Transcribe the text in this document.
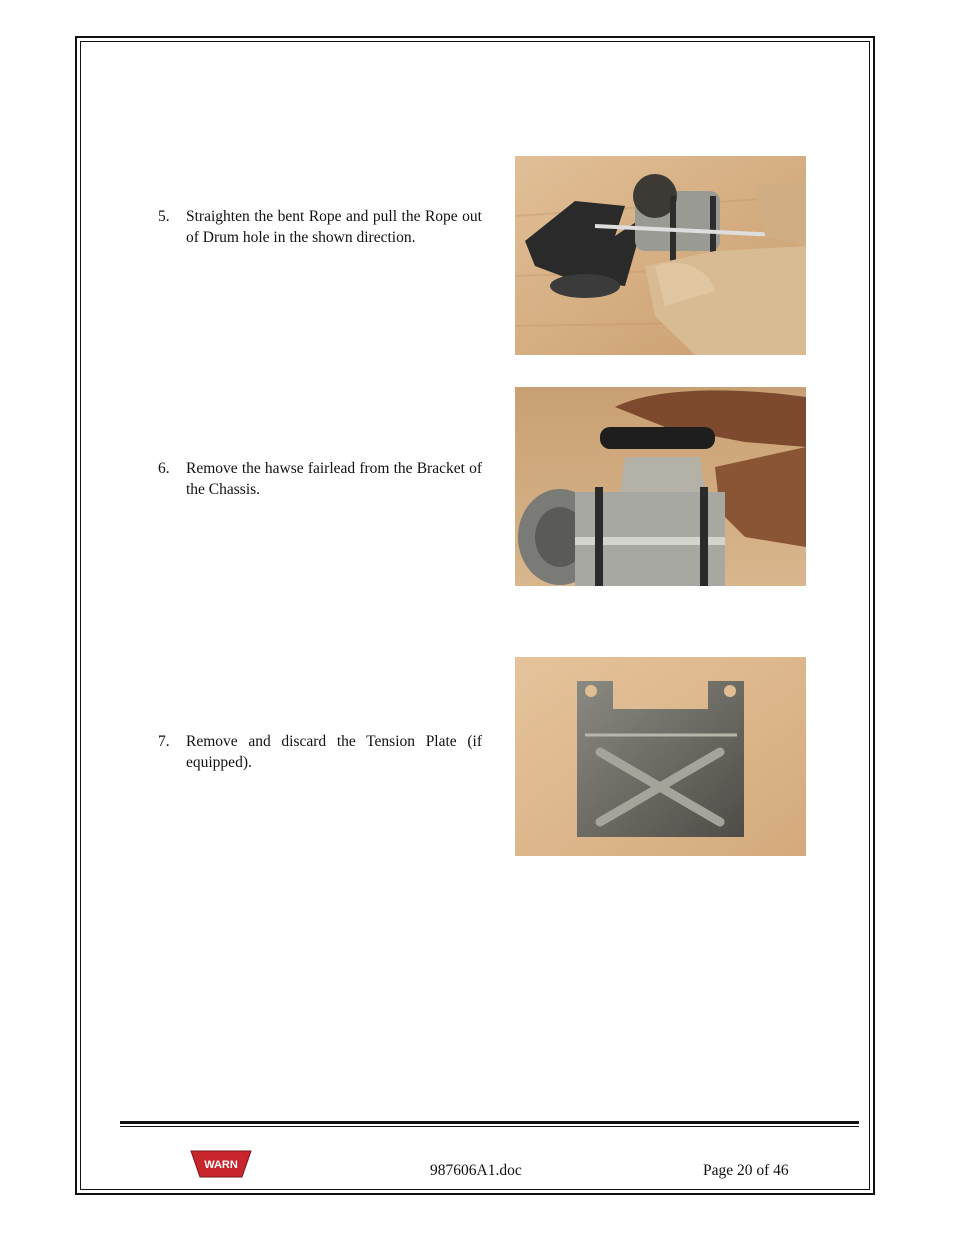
5. Straighten the bent Rope and pull the Rope out of Drum hole in the shown direction.
6. Remove the hawse fairlead from the Bracket of the Chassis.
7. Remove and discard the Tension Plate (if equipped).
WARN	987606A1.doc	Page 20 of 46
